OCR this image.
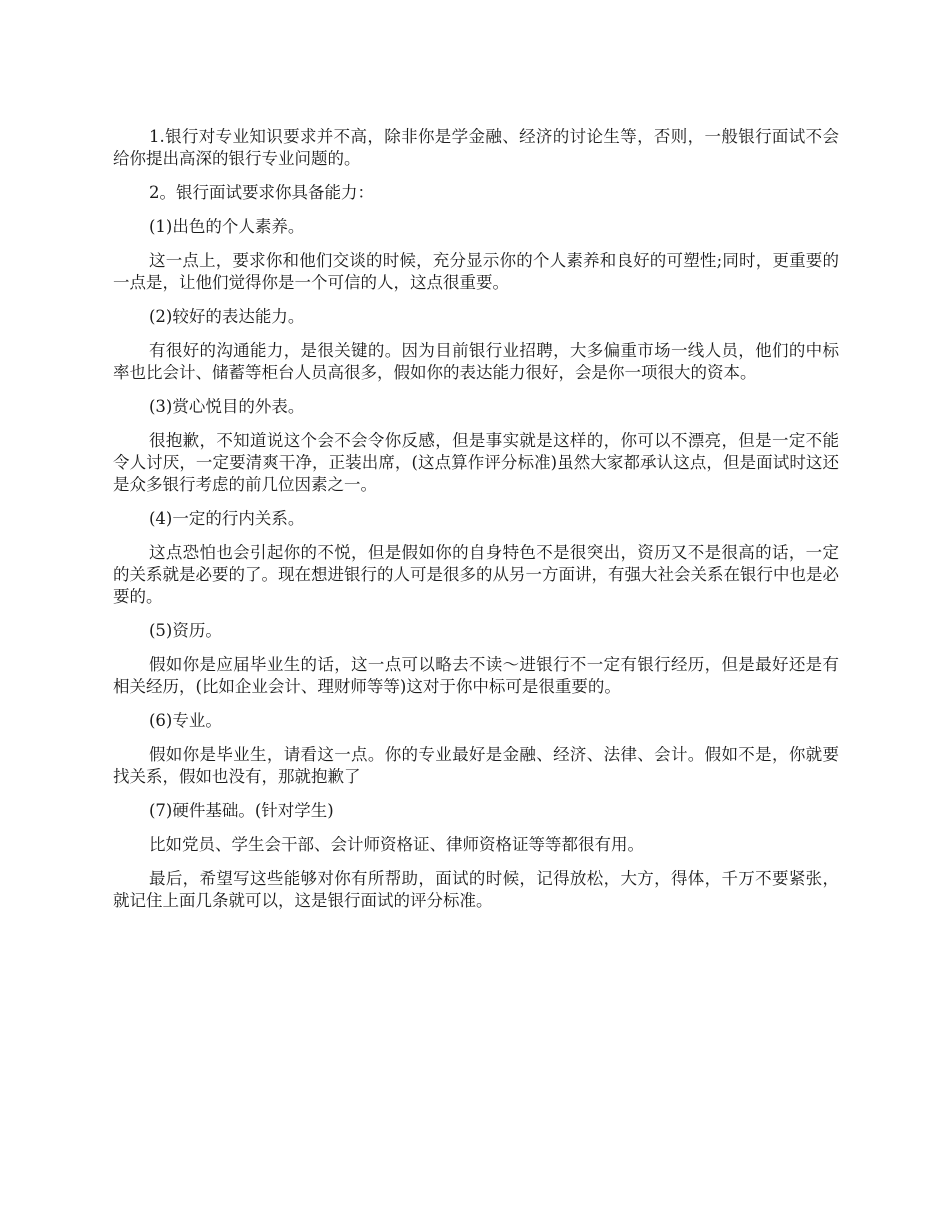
1.银行对专业知识要求并不高，除非你是学金融、经济的讨论生等，否则，一般银行面试不会给你提出高深的银行专业问题的。

2。银行面试要求你具备能力：

(1)出色的个人素养。

这一点上，要求你和他们交谈的时候，充分显示你的个人素养和良好的可塑性;同时，更重要的一点是，让他们觉得你是一个可信的人，这点很重要。

(2)较好的表达能力。

有很好的沟通能力，是很关键的。因为目前银行业招聘，大多偏重市场一线人员，他们的中标率也比会计、储蓄等柜台人员高很多，假如你的表达能力很好，会是你一项很大的资本。

(3)赏心悦目的外表。

很抱歉，不知道说这个会不会令你反感，但是事实就是这样的，你可以不漂亮，但是一定不能令人讨厌，一定要清爽干净，正装出席，(这点算作评分标准)虽然大家都承认这点，但是面试时这还是众多银行考虑的前几位因素之一。

(4)一定的行内关系。

这点恐怕也会引起你的不悦，但是假如你的自身特色不是很突出，资历又不是很高的话，一定的关系就是必要的了。现在想进银行的人可是很多的从另一方面讲，有强大社会关系在银行中也是必要的。

(5)资历。

假如你是应届毕业生的话，这一点可以略去不读～进银行不一定有银行经历，但是最好还是有相关经历，(比如企业会计、理财师等等)这对于你中标可是很重要的。

(6)专业。

假如你是毕业生，请看这一点。你的专业最好是金融、经济、法律、会计。假如不是，你就要找关系，假如也没有，那就抱歉了

(7)硬件基础。(针对学生)

比如党员、学生会干部、会计师资格证、律师资格证等等都很有用。

最后，希望写这些能够对你有所帮助，面试的时候，记得放松，大方，得体，千万不要紧张，就记住上面几条就可以，这是银行面试的评分标准。
